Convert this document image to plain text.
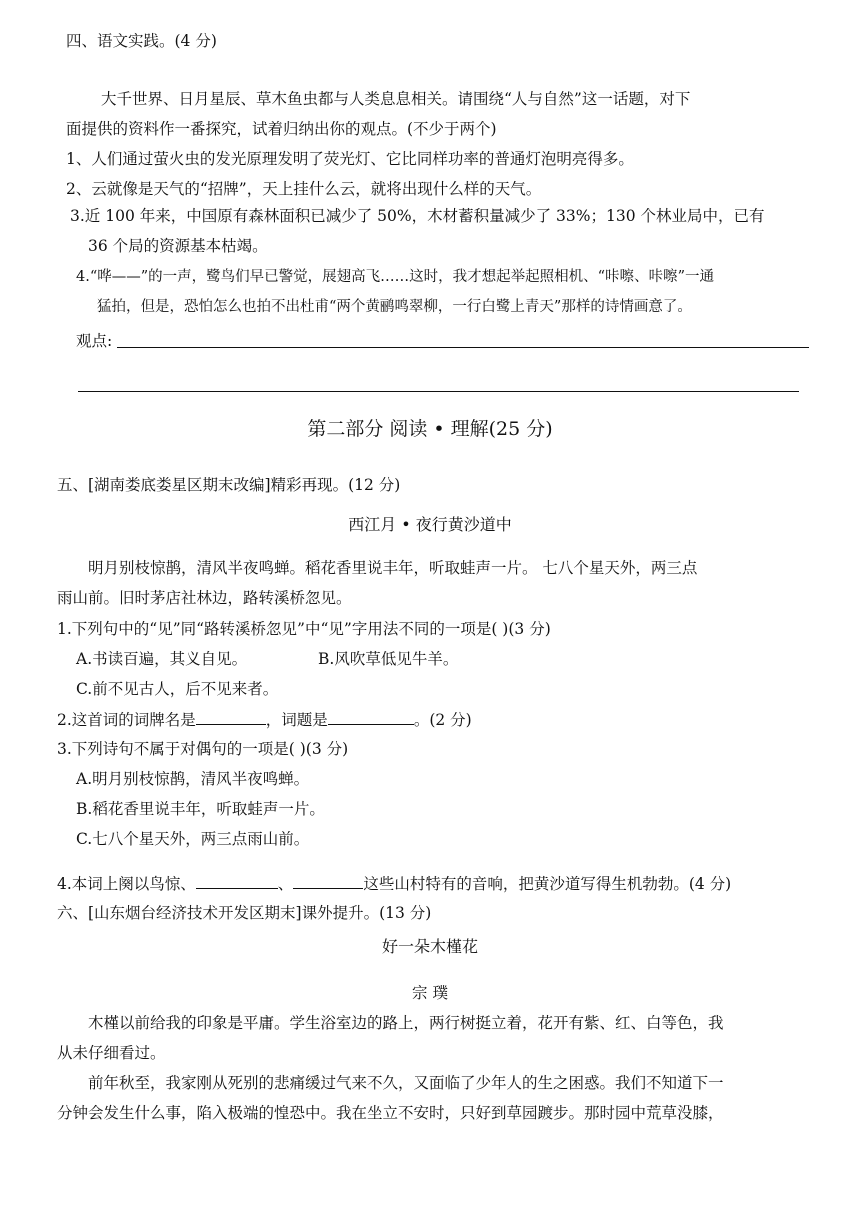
四、语文实践。(4 分)
大千世界、日月星辰、草木鱼虫都与人类息息相关。请围绕“人与自然”这一话题，对下
面提供的资料作一番探究，试着归纳出你的观点。(不少于两个)
1、人们通过萤火虫的发光原理发明了荧光灯、它比同样功率的普通灯泡明亮得多。
2、云就像是天气的“招牌”，天上挂什么云，就将出现什么样的天气。
3.近 100 年来，中国原有森林面积已减少了 50%，木材蓄积量减少了 33%；130 个林业局中，已有
36 个局的资源基本枯竭。
4.“哗——”的一声，鹭鸟们早已警觉，展翅高飞……这时，我才想起举起照相机、“咔嚓、咔嚓”一通
猛拍，但是，恐怕怎么也拍不出杜甫“两个黄鹂鸣翠柳，一行白鹭上青天”那样的诗情画意了。
观点:
第二部分 阅读 • 理解(25 分)
五、[湖南娄底娄星区期末改编]精彩再现。(12 分)
西江月 • 夜行黄沙道中
明月别枝惊鹊，清风半夜鸣蝉。稻花香里说丰年，听取蛙声一片。 七八个星天外，两三点
雨山前。旧时茅店社林边，路转溪桥忽见。
1.下列句中的“见”同“路转溪桥忽见”中“见”字用法不同的一项是( )(3 分)
A.书读百遍，其义自见。	B.风吹草低见牛羊。
C.前不见古人，后不见来者。
2.这首词的词牌名是	，词题是	。(2 分)
3.下列诗句不属于对偶句的一项是( )(3 分)
A.明月别枝惊鹊，清风半夜鸣蝉。
B.稻花香里说丰年，听取蛙声一片。
C.七八个星天外，两三点雨山前。
4.本词上阕以鸟惊、	、	这些山村特有的音响，把黄沙道写得生机勃勃。(4 分)
六、[山东烟台经济技术开发区期末]课外提升。(13 分)
好一朵木槿花
宗 璞
木槿以前给我的印象是平庸。学生浴室边的路上，两行树挺立着，花开有紫、红、白等色，我
从未仔细看过。
前年秋至，我家刚从死别的悲痛缓过气来不久，又面临了少年人的生之困惑。我们不知道下一
分钟会发生什么事，陷入极端的惶恐中。我在坐立不安时，只好到草园踱步。那时园中荒草没膝，
